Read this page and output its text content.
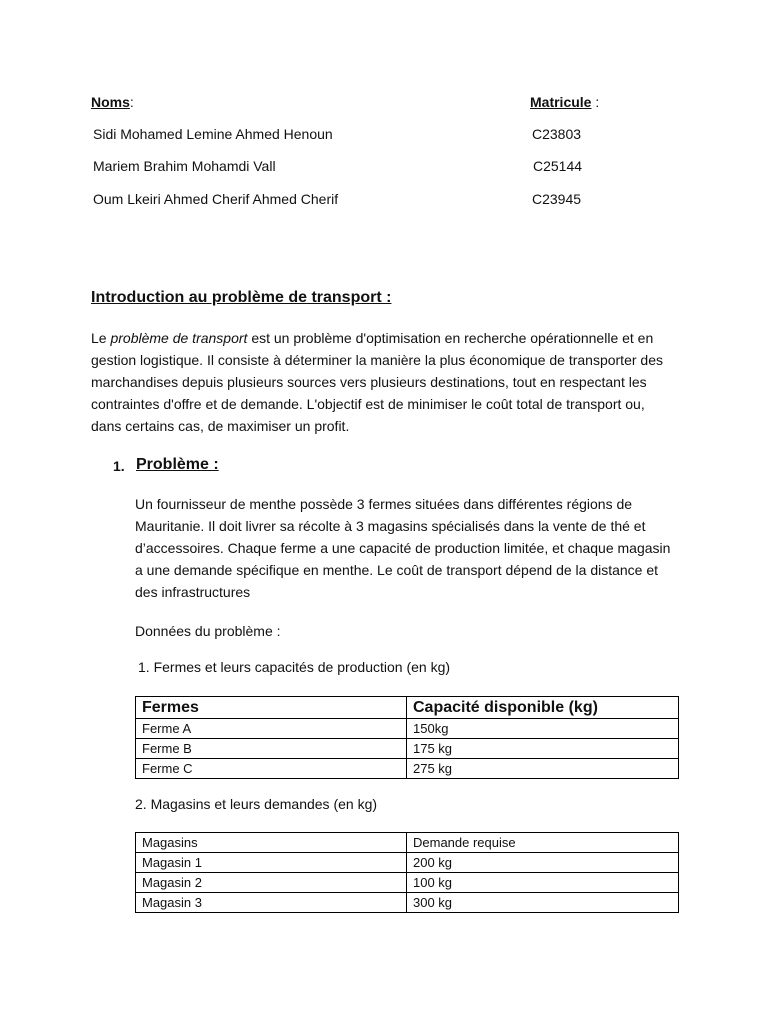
Noms:	Matricule :
Sidi Mohamed Lemine Ahmed Henoun	C23803
Mariem Brahim Mohamdi Vall	C25144
Oum Lkeiri Ahmed Cherif Ahmed Cherif	C23945
Introduction au problème de transport :
Le problème de transport est un problème d'optimisation en recherche opérationnelle et en gestion logistique. Il consiste à déterminer la manière la plus économique de transporter des marchandises depuis plusieurs sources vers plusieurs destinations, tout en respectant les contraintes d'offre et de demande. L'objectif est de minimiser le coût total de transport ou, dans certains cas, de maximiser un profit.
1. Problème :
Un fournisseur de menthe possède 3 fermes situées dans différentes régions de Mauritanie. Il doit livrer sa récolte à 3 magasins spécialisés dans la vente de thé et d’accessoires. Chaque ferme a une capacité de production limitée, et chaque magasin a une demande spécifique en menthe. Le coût de transport dépend de la distance et des infrastructures
Données du problème :
1. Fermes et leurs capacités de production (en kg)
Fermes	Capacité disponible (kg)
Ferme A	150kg
Ferme B	175 kg
Ferme C	275 kg
2. Magasins et leurs demandes (en kg)
Magasins	Demande requise
Magasin 1	200 kg
Magasin 2	100 kg
Magasin 3	300 kg
